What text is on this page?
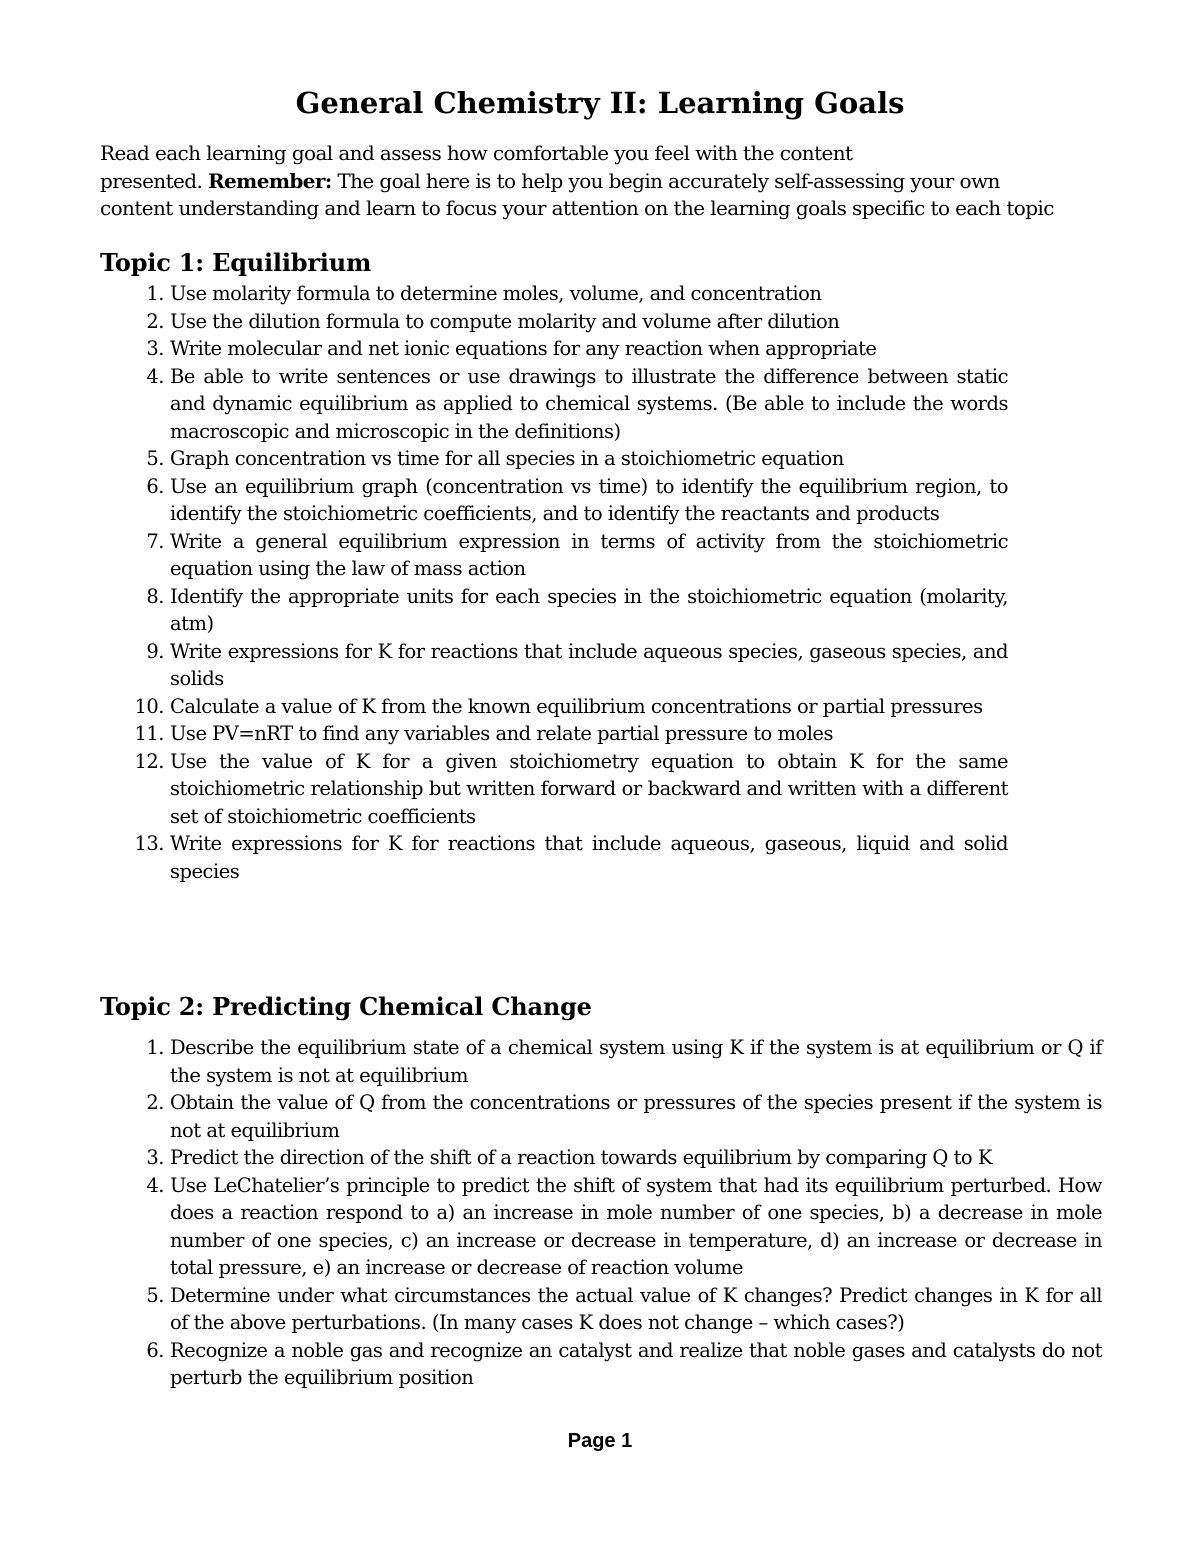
General Chemistry II: Learning Goals

Read each learning goal and assess how comfortable you feel with the content
presented. Remember: The goal here is to help you begin accurately self-assessing your own
content understanding and learn to focus your attention on the learning goals specific to each topic

Topic 1: Equilibrium
1. Use molarity formula to determine moles, volume, and concentration
2. Use the dilution formula to compute molarity and volume after dilution
3. Write molecular and net ionic equations for any reaction when appropriate
4. Be able to write sentences or use drawings to illustrate the difference between static and dynamic equilibrium as applied to chemical systems. (Be able to include the words macroscopic and microscopic in the definitions)
5. Graph concentration vs time for all species in a stoichiometric equation
6. Use an equilibrium graph (concentration vs time) to identify the equilibrium region, to identify the stoichiometric coefficients, and to identify the reactants and products
7. Write a general equilibrium expression in terms of activity from the stoichiometric equation using the law of mass action
8. Identify the appropriate units for each species in the stoichiometric equation (molarity, atm)
9. Write expressions for K for reactions that include aqueous species, gaseous species, and solids
10. Calculate a value of K from the known equilibrium concentrations or partial pressures
11. Use PV=nRT to find any variables and relate partial pressure to moles
12. Use the value of K for a given stoichiometry equation to obtain K for the same stoichiometric relationship but written forward or backward and written with a different set of stoichiometric coefficients
13. Write expressions for K for reactions that include aqueous, gaseous, liquid and solid species
Topic 2: Predicting Chemical Change
1. Describe the equilibrium state of a chemical system using K if the system is at equilibrium or Q if the system is not at equilibrium
2. Obtain the value of Q from the concentrations or pressures of the species present if the system is not at equilibrium
3. Predict the direction of the shift of a reaction towards equilibrium by comparing Q to K
4. Use LeChatelier’s principle to predict the shift of system that had its equilibrium perturbed. How does a reaction respond to a) an increase in mole number of one species, b) a decrease in mole number of one species, c) an increase or decrease in temperature, d) an increase or decrease in total pressure, e) an increase or decrease of reaction volume
5. Determine under what circumstances the actual value of K changes? Predict changes in K for all of the above perturbations. (In many cases K does not change – which cases?)
6. Recognize a noble gas and recognize an catalyst and realize that noble gases and catalysts do not perturb the equilibrium position
Page 1
